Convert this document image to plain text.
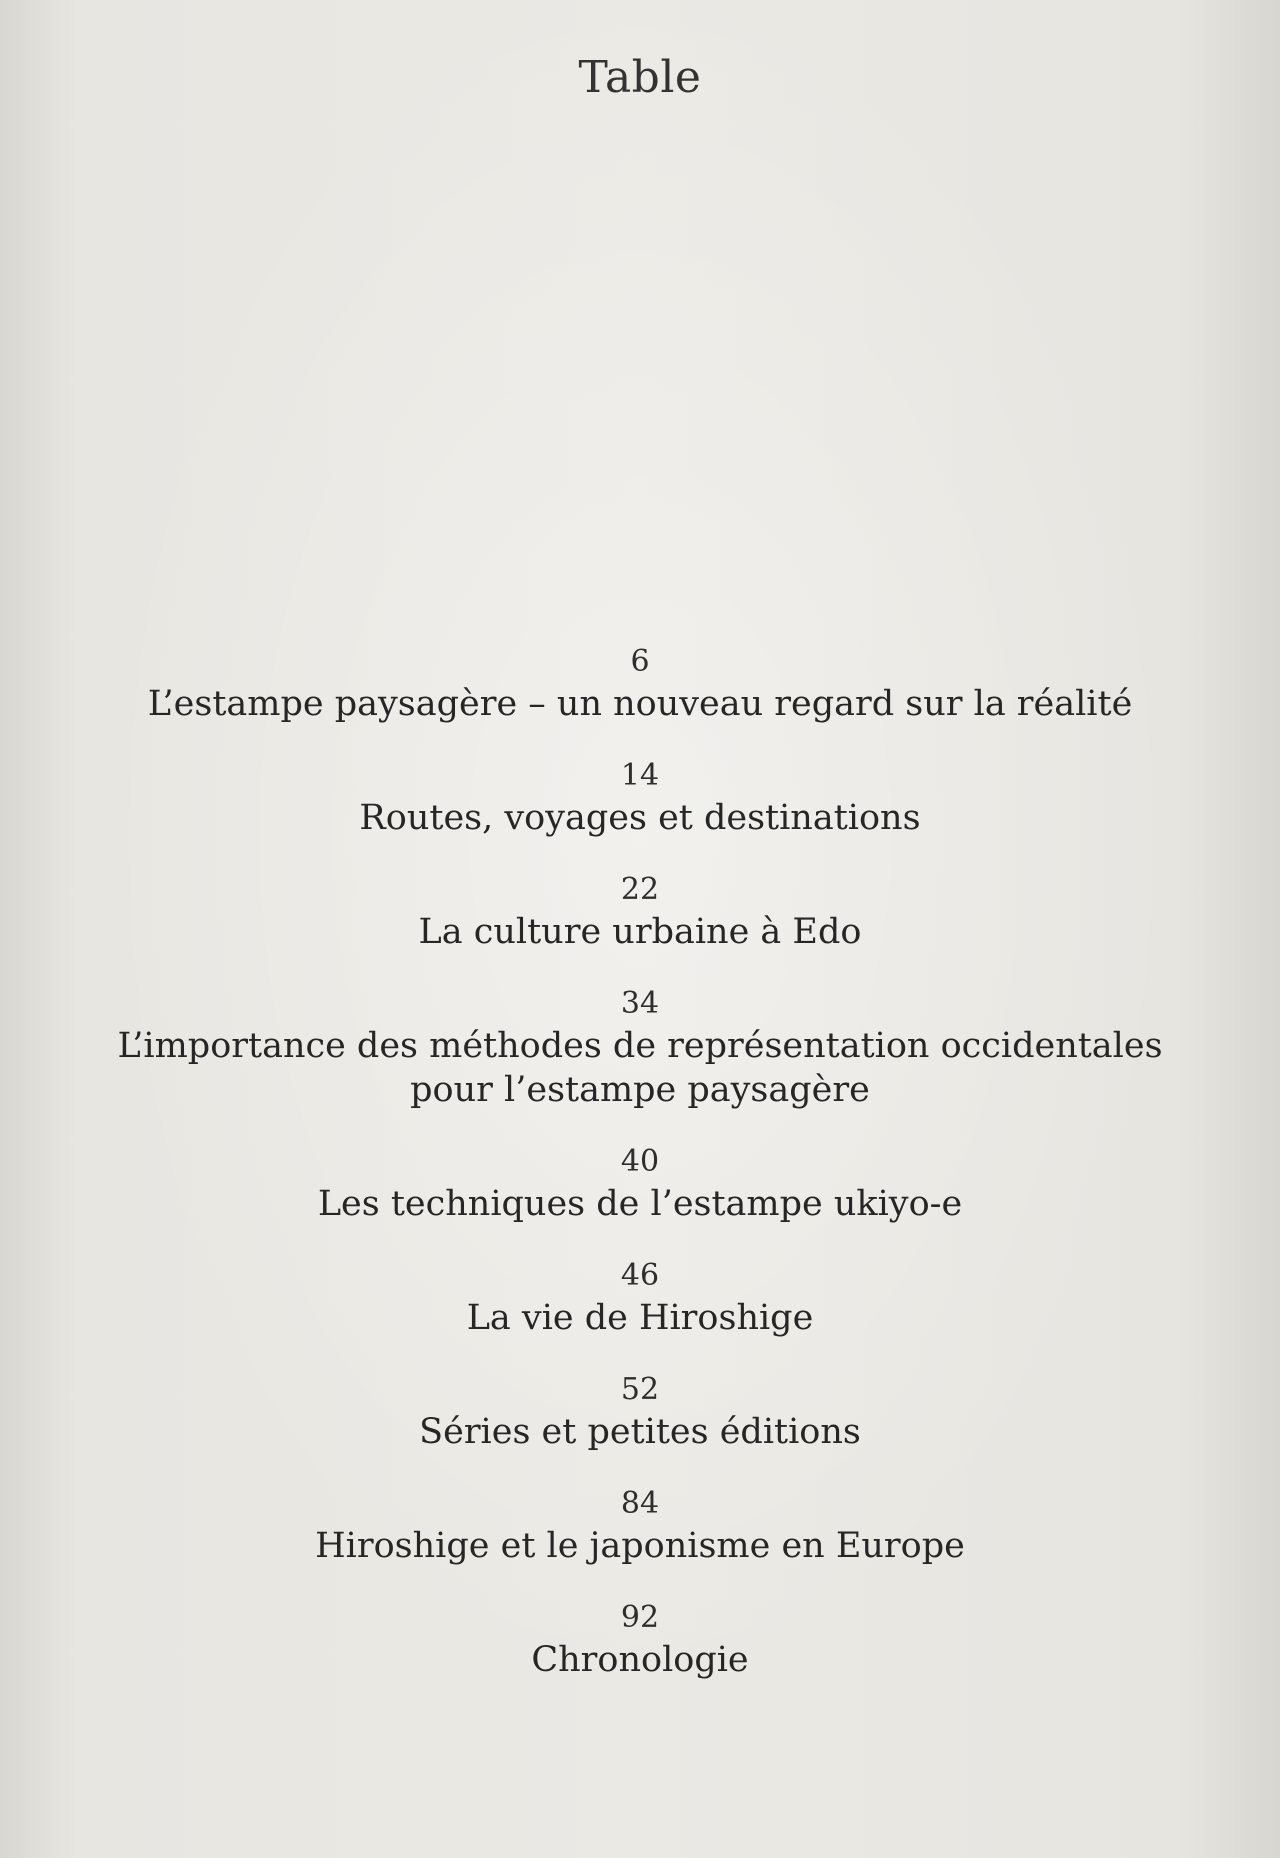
Table
6
L’estampe paysagère – un nouveau regard sur la réalité
14
Routes, voyages et destinations
22
La culture urbaine à Edo
34
L’importance des méthodes de représentation occidentales
pour l’estampe paysagère
40
Les techniques de l’estampe ukiyo-e
46
La vie de Hiroshige
52
Séries et petites éditions
84
Hiroshige et le japonisme en Europe
92
Chronologie
